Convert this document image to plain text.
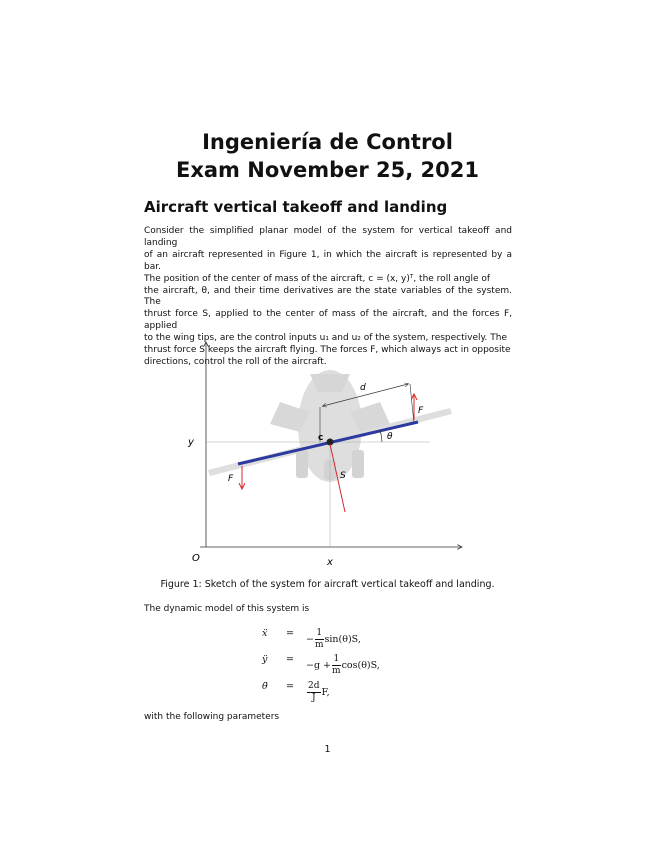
Ingeniería de Control
Exam November 25, 2021
Aircraft vertical takeoff and landing
Consider the simplified planar model of the system for vertical takeoff and landing
of an aircraft represented in Figure 1, in which the aircraft is represented by a bar.
The position of the center of mass of the aircraft, c = (x, y)ᵀ, the roll angle of
the aircraft, θ, and their time derivatives are the state variables of the system. The
thrust force S, applied to the center of mass of the aircraft, and the forces F, applied
to the wing tips, are the control inputs u₁ and u₂ of the system, respectively. The
thrust force S keeps the aircraft flying. The forces F, which always act in opposite
directions, control the roll of the aircraft.
O	x
y	c
d
θ
S
F
F
Figure 1: Sketch of the system for aircraft vertical takeoff and landing.
The dynamic model of this system is
ẍ	=
− $\frac{1}{m} \sin(\theta)S$,
ÿ	=
$-g + \frac{1}{m} \cos(\theta)S$,
θ̈	= $\frac{2d}{J} F$,
with the following parameters
1
